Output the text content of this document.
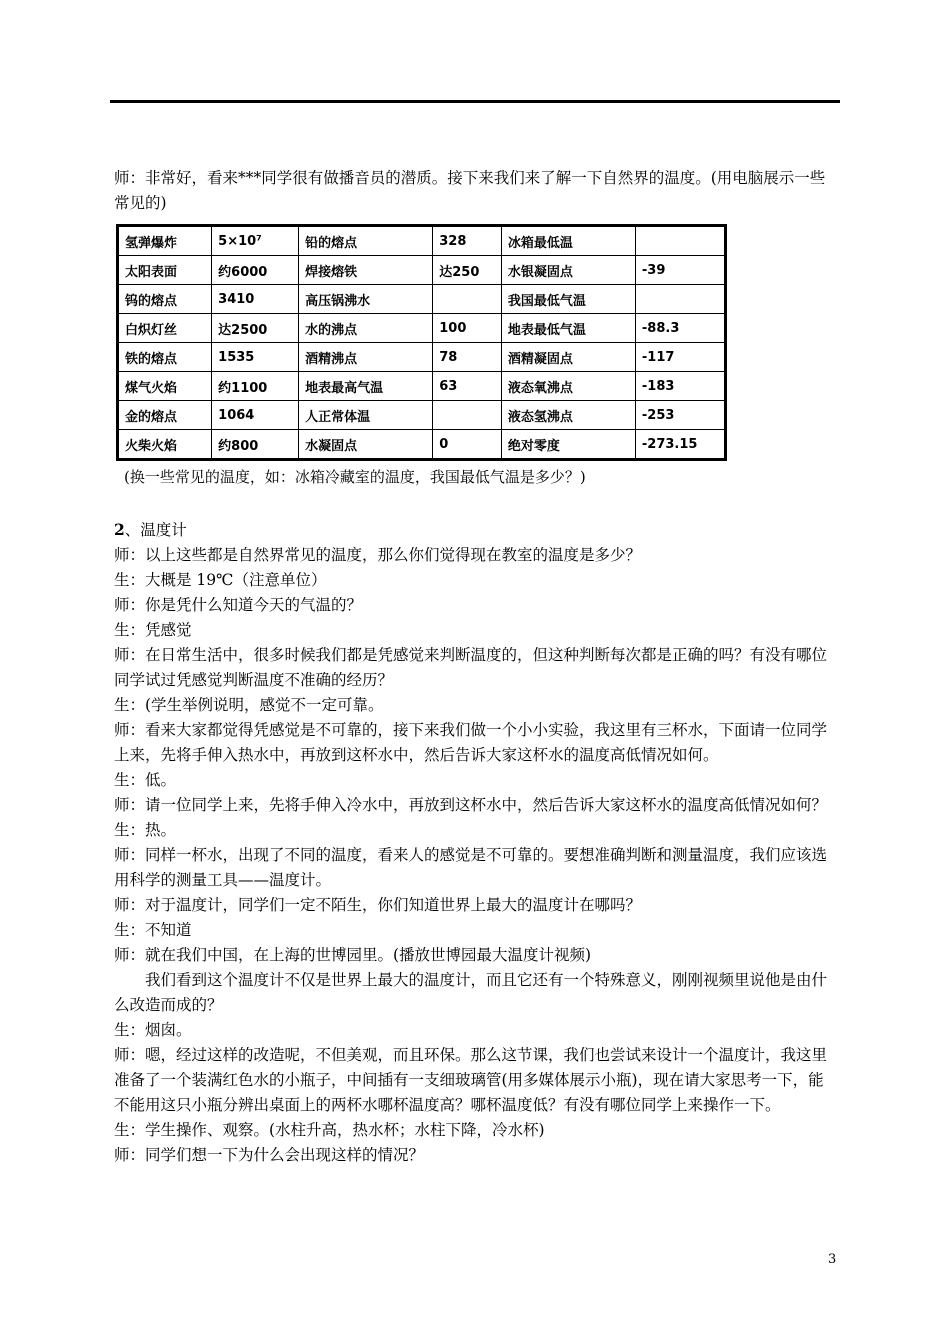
师：非常好，看来***同学很有做播音员的潜质。接下来我们来了解一下自然界的温度。(用电脑展示一些常见的)

氢弹爆炸	5×10⁷	铅的熔点	328	冰箱最低温	
太阳表面	约6000	焊接熔铁	达250	水银凝固点	-39
钨的熔点	3410	高压锅沸水		我国最低气温	
白炽灯丝	达2500	水的沸点	100	地表最低气温	-88.3
铁的熔点	1535	酒精沸点	78	酒精凝固点	-117
煤气火焰	约1100	地表最高气温	63	液态氧沸点	-183
金的熔点	1064	人正常体温		液态氢沸点	-253
火柴火焰	约800	水凝固点	0	绝对零度	-273.15

(换一些常见的温度，如：冰箱冷藏室的温度，我国最低气温是多少？)

2、温度计

师：以上这些都是自然界常见的温度，那么你们觉得现在教室的温度是多少？

生：大概是 19℃（注意单位）

师：你是凭什么知道今天的气温的？

生：凭感觉

师：在日常生活中，很多时候我们都是凭感觉来判断温度的，但这种判断每次都是正确的吗？有没有哪位同学试过凭感觉判断温度不准确的经历？

生：(学生举例说明，感觉不一定可靠。

师：看来大家都觉得凭感觉是不可靠的，接下来我们做一个小小实验，我这里有三杯水，下面请一位同学上来，先将手伸入热水中，再放到这杯水中，然后告诉大家这杯水的温度高低情况如何。

生：低。

师：请一位同学上来，先将手伸入冷水中，再放到这杯水中，然后告诉大家这杯水的温度高低情况如何？

生：热。

师：同样一杯水，出现了不同的温度，看来人的感觉是不可靠的。要想准确判断和测量温度，我们应该选用科学的测量工具——温度计。

师：对于温度计，同学们一定不陌生，你们知道世界上最大的温度计在哪吗？

生：不知道

师：就在我们中国，在上海的世博园里。(播放世博园最大温度计视频)

我们看到这个温度计不仅是世界上最大的温度计，而且它还有一个特殊意义，刚刚视频里说他是由什么改造而成的？

生：烟囱。

师：嗯，经过这样的改造呢，不但美观，而且环保。那么这节课，我们也尝试来设计一个温度计，我这里准备了一个装满红色水的小瓶子，中间插有一支细玻璃管(用多媒体展示小瓶)，现在请大家思考一下，能不能用这只小瓶分辨出桌面上的两杯水哪杯温度高？哪杯温度低？有没有哪位同学上来操作一下。

生：学生操作、观察。(水柱升高，热水杯；水柱下降，冷水杯)

师：同学们想一下为什么会出现这样的情况？

3
